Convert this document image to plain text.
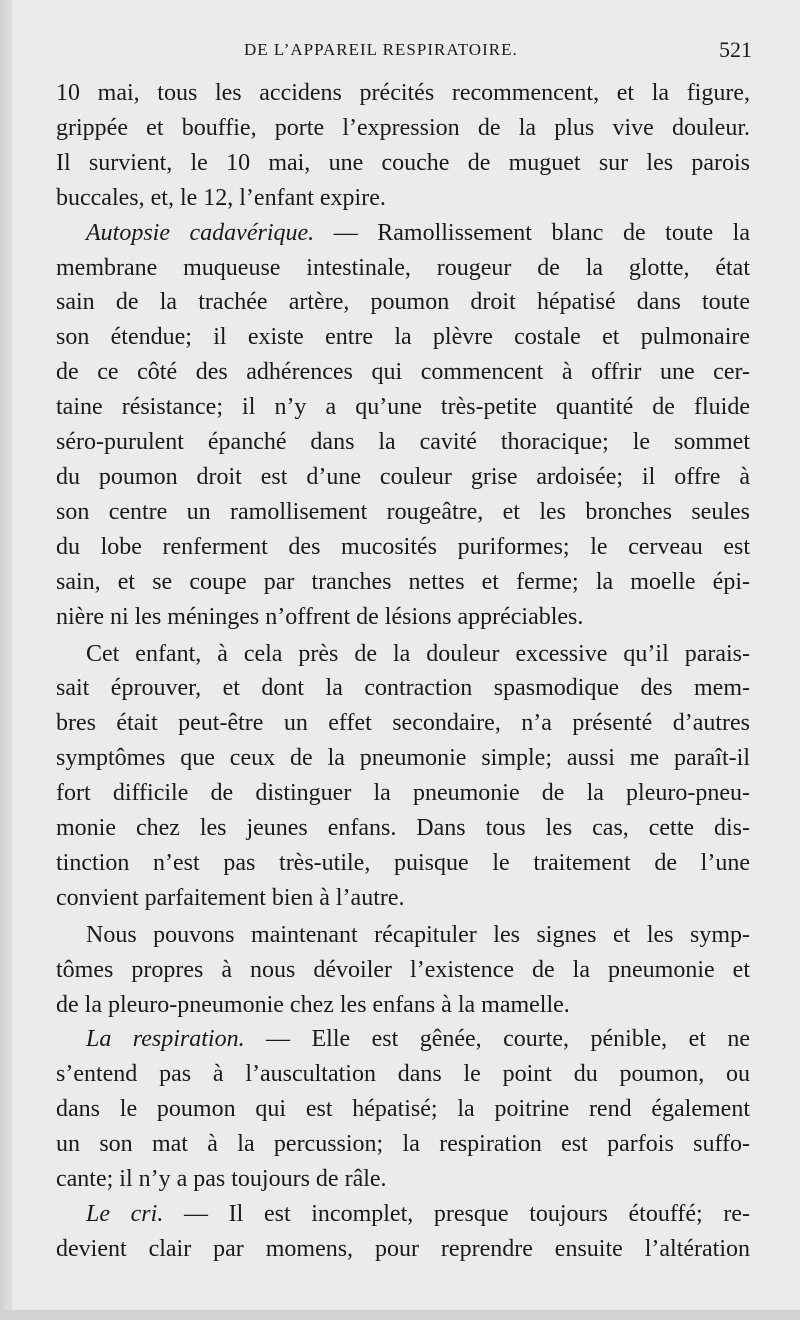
DE L’APPAREIL RESPIRATOIRE.	521
10 mai, tous les accidens précités recommencent, et la figure,
grippée et bouffie, porte l’expression de la plus vive douleur.
Il survient, le 10 mai, une couche de muguet sur les parois
buccales, et, le 12, l’enfant expire.
Autopsie cadavérique. — Ramollissement blanc de toute la
membrane muqueuse intestinale, rougeur de la glotte, état
sain de la trachée artère, poumon droit hépatisé dans toute
son étendue; il existe entre la plèvre costale et pulmonaire
de ce côté des adhérences qui commencent à offrir une cer-
taine résistance; il n’y a qu’une très-petite quantité de fluide
séro-purulent épanché dans la cavité thoracique; le sommet
du poumon droit est d’une couleur grise ardoisée; il offre à
son centre un ramollisement rougeâtre, et les bronches seules
du lobe renferment des mucosités puriformes; le cerveau est
sain, et se coupe par tranches nettes et ferme; la moelle épi-
nière ni les méninges n’offrent de lésions appréciables.
Cet enfant, à cela près de la douleur excessive qu’il parais-
sait éprouver, et dont la contraction spasmodique des mem-
bres était peut-être un effet secondaire, n’a présenté d’autres
symptômes que ceux de la pneumonie simple; aussi me paraît-il
fort difficile de distinguer la pneumonie de la pleuro-pneu-
monie chez les jeunes enfans. Dans tous les cas, cette dis-
tinction n’est pas très-utile, puisque le traitement de l’une
convient parfaitement bien à l’autre.
Nous pouvons maintenant récapituler les signes et les symp-
tômes propres à nous dévoiler l’existence de la pneumonie et
de la pleuro-pneumonie chez les enfans à la mamelle.
La respiration. — Elle est gênée, courte, pénible, et ne
s’entend pas à l’auscultation dans le point du poumon, ou
dans le poumon qui est hépatisé; la poitrine rend également
un son mat à la percussion; la respiration est parfois suffo-
cante; il n’y a pas toujours de râle.
Le cri. — Il est incomplet, presque toujours étouffé; re-
devient clair par momens, pour reprendre ensuite l’altération
